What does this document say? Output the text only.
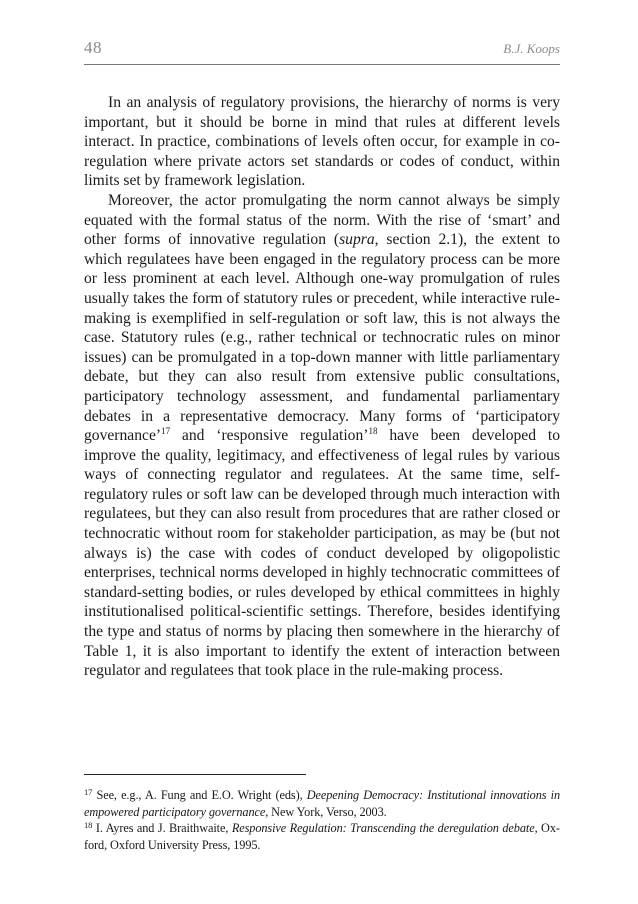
48	B.J. Koops

In an analysis of regulatory provisions, the hierarchy of norms is very important, but it should be borne in mind that rules at different levels interact. In practice, combinations of levels often occur, for example in co-regulation where private actors set standards or codes of conduct, within limits set by framework legislation.

Moreover, the actor promulgating the norm cannot always be simply equated with the formal status of the norm. With the rise of ‘smart’ and other forms of innovative regulation (supra, section 2.1), the extent to which regulatees have been engaged in the regulatory process can be more or less prominent at each level. Although one-way promulgation of rules usually takes the form of statutory rules or precedent, while interactive rule-making is exemplified in self-regulation or soft law, this is not always the case. Statutory rules (e.g., rather technical or technocratic rules on minor issues) can be promulgated in a top-down manner with little parliamentary debate, but they can also result from extensive public consultations, participatory technology assessment, and fundamental parliamentary debates in a representative democracy. Many forms of ‘participatory governance’$^{17}$ and ‘responsive regulation’$^{18}$ have been developed to improve the quality, legitimacy, and effectiveness of legal rules by various ways of connecting regulator and regulatees. At the same time, self-regulatory rules or soft law can be developed through much interaction with regulatees, but they can also result from procedures that are rather closed or technocratic without room for stakeholder participation, as may be (but not always is) the case with codes of conduct developed by oligopolistic enterprises, technical norms developed in highly technocratic committees of standard-setting bodies, or rules developed by ethical committees in highly institutionalised political-scientific settings. Therefore, besides identifying the type and status of norms by placing then somewhere in the hierarchy of Table 1, it is also important to identify the extent of interaction between regulator and regulatees that took place in the rule-making process.

$^{17}$ See, e.g., A. Fung and E.O. Wright (eds), Deepening Democracy: Institutional innovations in empowered participatory governance, New York, Verso, 2003.

$^{18}$ I. Ayres and J. Braithwaite, Responsive Regulation: Transcending the deregulation debate, Oxford, Oxford University Press, 1995.
